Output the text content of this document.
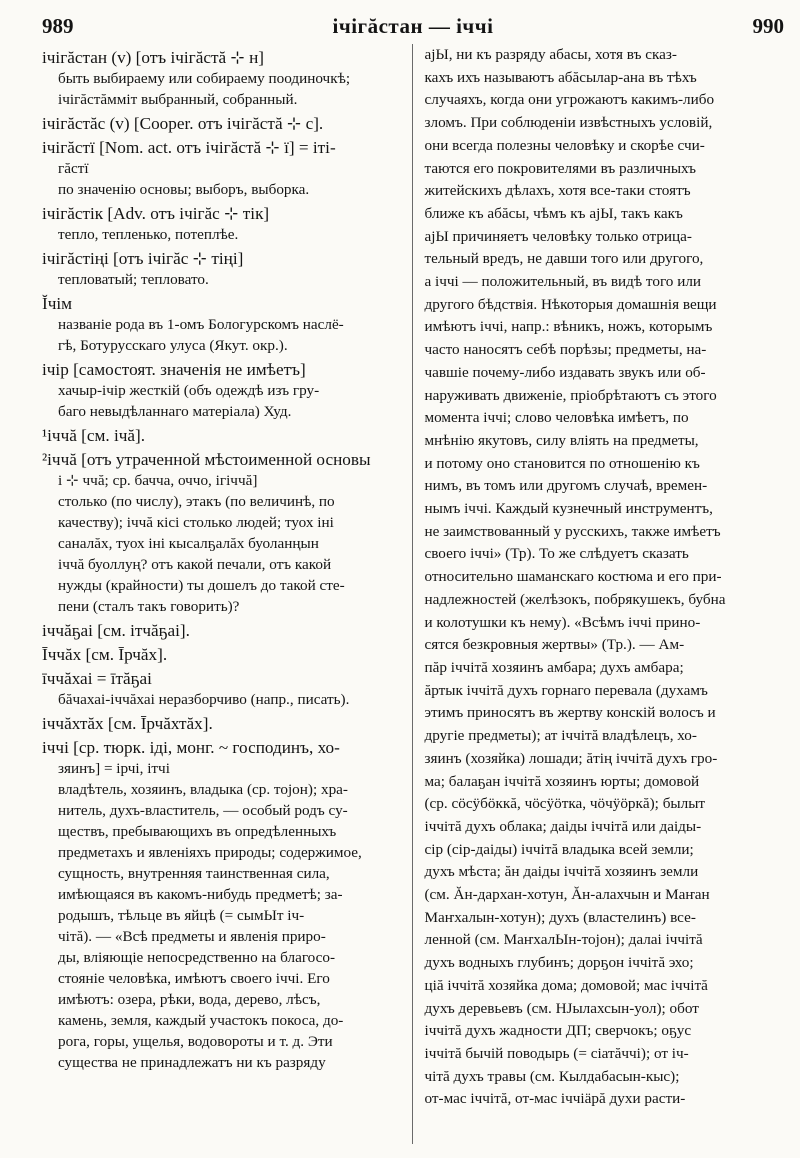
989	ічігăстан — іччі	990

ічігăстан (v) [отъ ічігăстă ⊹ н]

быть выбираему или собираему поодиночкѣ;

ічігăстăммiт выбранный, собранный.

ічігăстăс (v) [Cooper. отъ ічігăстă ⊹ с].

ічігăстї [Nom. act. отъ ічігăстă ⊹ ї] = іті-

гăстї

по значенію основы; выборъ, выборка.

ічігăстік [Adv. отъ ічігăс ⊹ тік]

тепло, тепленько, потеплѣе.

ічігăстіңі [отъ ічігăс ⊹ тіңі]

тепловатый; тепловато.

Ĭчім

названіе рода въ 1-омъ Бологурскомъ наслё-

гѣ, Ботурусскаго улуса (Якут. окр.).

ічір [самостоят. значенія не имѣетъ]

хачыр-ічір жесткій (объ одеждѣ изъ гру-

баго невыдѣланнаго матеріала) Худ.

¹іччă [см. ічă].

²іччă [отъ утраченной мѣстоименной основы

і ⊹ ччă; ср. бачча, оччо, ігіччă]

столько (по числу), этакъ (по величинѣ, по

качеству); іччă кісі столько людей; туох іні

саналăх, туох іні кысалҕалăх буоланңын

іччă буоллуң? отъ какой печали, отъ какой

нужды (крайности) ты дошелъ до такой сте-

пени (сталъ такъ говорить)?

іччăҕаі [см. ітчăҕаі].

Īччăх [см. Īрчăх].

īччăхаі = īтăҕаі

бăчахаі-іччăхаі неразборчиво (напр., писать).

іччăхтăх [см. Īрчăхтăх].

іччі [ср. тюрк. іді, монг. ~ господинъ, хо-

зяинъ] = ірчі, ітчі

владѣтель, хозяинъ, владыка (ср. тојон); хра-

нитель, духъ-властитель, — особый родъ су-

ществъ, пребывающихъ въ опредѣленныхъ

предметахъ и явленіяхъ природы; содержимое,

сущность, внутренняя таинственная сила,

имѣющаяся въ какомъ-нибудь предметѣ; за-

родышъ, тѣльце въ яйцѣ (= сымЫт іч-

чітă). — «Всѣ предметы и явленія приро-

ды, вліяющіе непосредственно на благосо-

стояніе человѣка, имѣютъ своего іччі. Его

имѣютъ: озера, рѣки, вода, дерево, лѣсъ,

камень, земля, каждый участокъ покоса, до-

рога, горы, ущелья, водовороты и т. д. Эти

существа не принадлежатъ ни къ разряду

ајЫ, ни къ разряду абасы, хотя въ сказ-

кахъ ихъ называютъ абăсылар-ана въ тѣхъ

случаяхъ, когда они угрожаютъ какимъ-либо

зломъ. При соблюденіи извѣстныхъ условій,

они всегда полезны человѣку и скорѣе счи-

таются его покровителями въ различныхъ

житейскихъ дѣлахъ, хотя все-таки стоятъ

ближе къ абăсы, чѣмъ къ ајЫ, такъ какъ

ајЫ причиняетъ человѣку только отрица-

тельный вредъ, не давши того или другого,

а іччі — положительный, въ видѣ того или

другого бѣдствія. Нѣкоторыя домашнія вещи

имѣютъ іччі, напр.: вѣникъ, ножъ, которымъ

часто наносятъ себѣ порѣзы; предметы, на-

чавшіе почему-либо издавать звукъ или об-

наруживать движеніе, пріобрѣтаютъ съ этого

момента іччі; слово человѣка имѣетъ, по

мнѣнію якутовъ, силу вліять на предметы,

и потому оно становится по отношенію къ

нимъ, въ томъ или другомъ случаѣ, времен-

нымъ іччі. Каждый кузнечный инструментъ,

не заимствованный у русскихъ, также имѣетъ

своего іччі» (Тр). То же слѣдуетъ сказать

относительно шаманскаго костюма и его при-

надлежностей (желѣзокъ, побрякушекъ, бубна

и колотушки къ нему). «Всѣмъ іччі прино-

сятся безкровныя жертвы» (Тр.). — Ам-

пăр іччітă хозяинъ амбара; духъ амбара;

ăртык іччітă духъ горнаго перевала (духамъ

этимъ приносятъ въ жертву конскій волосъ и

другіе предметы); ат іччітă владѣлецъ, хо-

зяинъ (хозяйка) лошади; ăтің іччітă духъ гро-

ма; балаҕан іччітă хозяинъ юрты; домовой

(ср. сöсÿбӧккă, чӧсÿӧтка, чӧчÿӧркă); былыт

іччітă духъ облака; даіды іччітă или даіды-

сір (сір-даіды) іччітă владыка всей земли;

духъ мѣста; ăн даіды іччітă хозяинъ земли

(см. Ăн-дархан-хотун, Ăн-алахчын и Маҥан

Маҥхалын-хотун); духъ (властелинъ) все-

ленной (см. МаҥхалЫн-тојон); далаі іччітă

духъ водныхъ глубинъ; дорҕон іччітă эхо;

ціă іччітă хозяйка дома; домовой; мас іччітă

духъ деревьевъ (см. НЈылахсын-уол); обот

іччітă духъ жадности ДП; сверчокъ; оҕус

іччітă бычій поводырь (= сіатăччі); от іч-

чітă духъ травы (см. Кылдабасын-кыс);

от-мас іччітă, от-мас іччіӓрă духи расти-
